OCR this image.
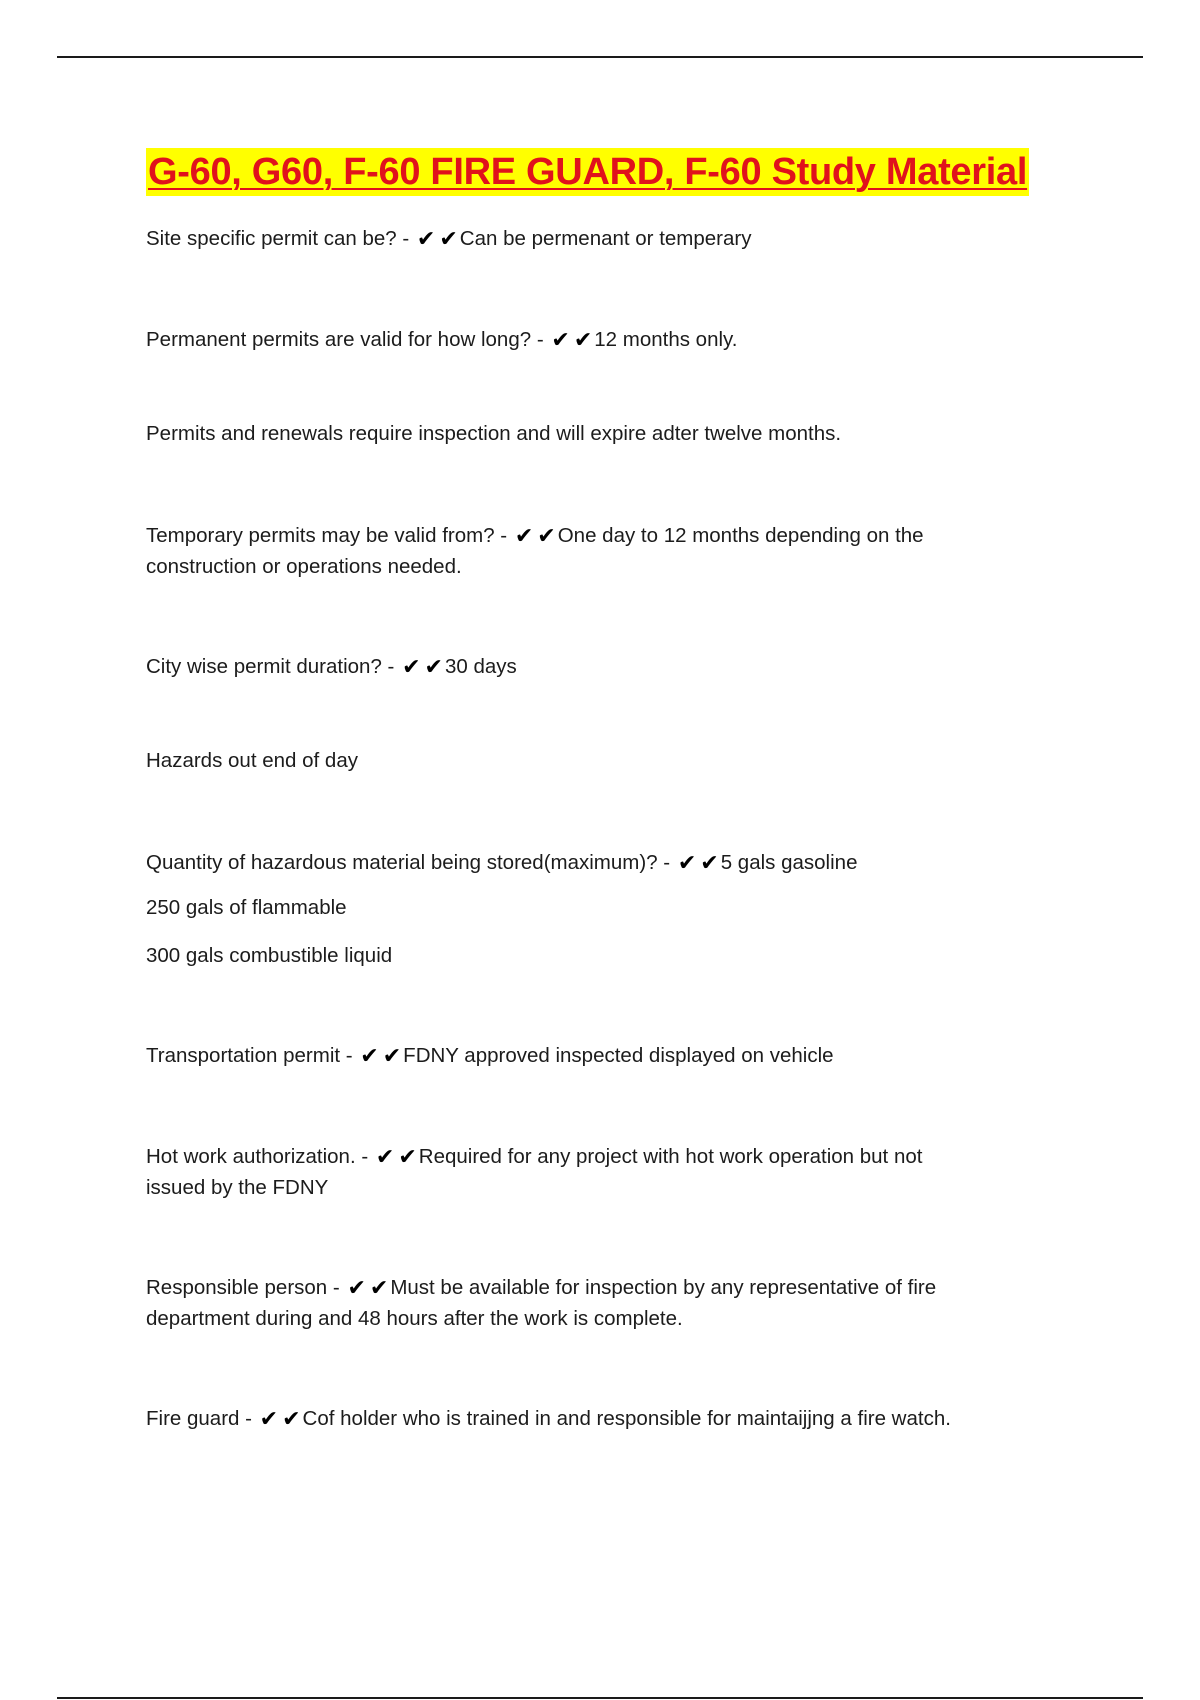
G-60, G60, F-60 FIRE GUARD, F-60 Study Material
Site specific permit can be? - ✔ ✔Can be permenant or temperary
Permanent permits are valid for how long? - ✔ ✔12 months only.
Permits and renewals require inspection and will expire adter twelve months.
Temporary permits may be valid from? - ✔ ✔One day to 12 months depending on the
construction or operations needed.
City wise permit duration? - ✔ ✔30 days
Hazards out end of day
Quantity of hazardous material being stored(maximum)? - ✔ ✔5 gals gasoline
250 gals of flammable
300 gals combustible liquid
Transportation permit - ✔ ✔FDNY approved inspected displayed on vehicle
Hot work authorization. - ✔ ✔Required for any project with hot work operation but not
issued by the FDNY
Responsible person - ✔ ✔Must be available for inspection by any representative of fire
department during and 48 hours after the work is complete.
Fire guard - ✔ ✔Cof holder who is trained in and responsible for maintaijjng a fire watch.
